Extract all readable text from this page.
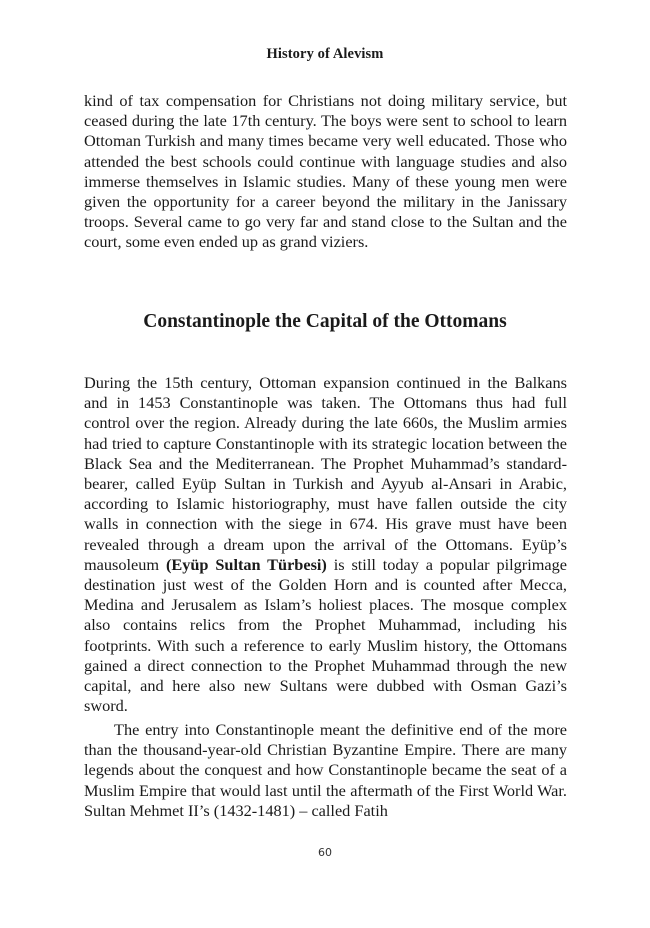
History of Alevism

kind of tax compensation for Christians not doing military service, but ceased during the late 17th century. The boys were sent to school to learn Ottoman Turkish and many times became very well educated. Those who attended the best schools could continue with language studies and also immerse themselves in Islamic studies. Many of these young men were given the opportunity for a career beyond the military in the Janissary troops. Several came to go very far and stand close to the Sultan and the court, some even ended up as grand viziers.

Constantinople the Capital of the Ottomans

During the 15th century, Ottoman expansion continued in the Balkans and in 1453 Constantinople was taken. The Ottomans thus had full control over the region. Already during the late 660s, the Muslim armies had tried to capture Constantinople with its strategic location between the Black Sea and the Mediterranean. The Prophet Muhammad’s standard-bearer, called Eyüp Sultan in Turkish and Ayyub al-Ansari in Arabic, according to Islamic historiography, must have fallen outside the city walls in connection with the siege in 674. His grave must have been revealed through a dream upon the arrival of the Ottomans. Eyüp’s mausoleum (Eyüp Sultan Türbesi) is still today a popular pilgrimage destination just west of the Golden Horn and is counted after Mecca, Medina and Jerusalem as Islam’s holiest places. The mosque complex also contains relics from the Prophet Muhammad, including his footprints. With such a reference to early Muslim history, the Ottomans gained a direct connection to the Prophet Muhammad through the new capital, and here also new Sultans were dubbed with Osman Gazi’s sword.

The entry into Constantinople meant the definitive end of the more than the thousand-year-old Christian Byzantine Empire. There are many legends about the conquest and how Constantinople became the seat of a Muslim Empire that would last until the aftermath of the First World War. Sultan Mehmet II’s (1432-1481) – called Fatih

60
